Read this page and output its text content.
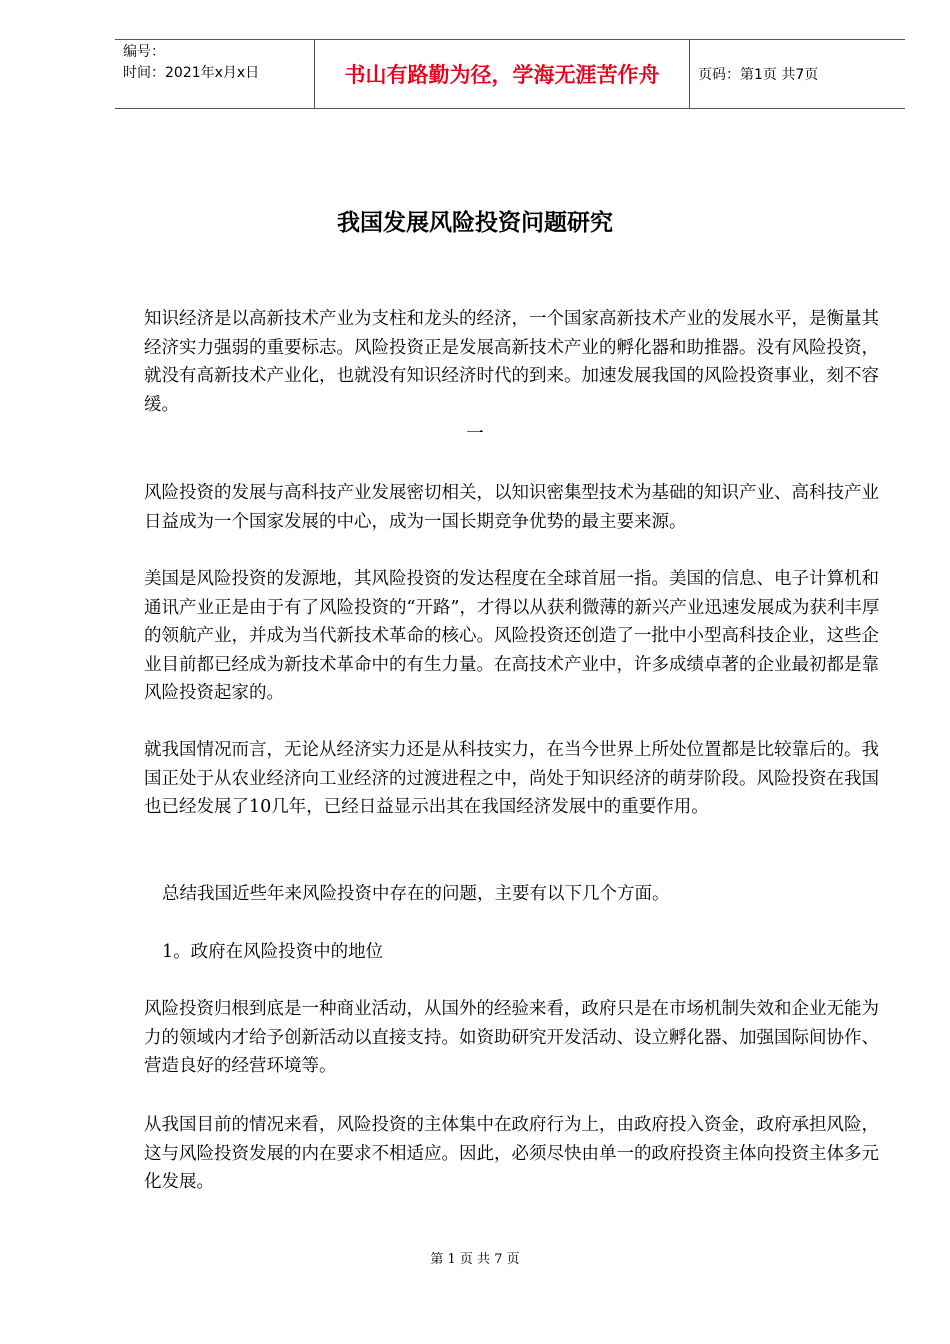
编号：
时间：2021年x月x日	书山有路勤为径，学海无涯苦作舟	页码：第1页 共7页
我国发展风险投资问题研究

知识经济是以高新技术产业为支柱和龙头的经济，一个国家高新技术产业的发展水平，是衡量其经济实力强弱的重要标志。风险投资正是发展高新技术产业的孵化器和助推器。没有风险投资，就没有高新技术产业化，也就没有知识经济时代的到来。加速发展我国的风险投资事业，刻不容缓。

一

风险投资的发展与高科技产业发展密切相关，以知识密集型技术为基础的知识产业、高科技产业日益成为一个国家发展的中心，成为一国长期竞争优势的最主要来源。

美国是风险投资的发源地，其风险投资的发达程度在全球首屈一指。美国的信息、电子计算机和通讯产业正是由于有了风险投资的“开路”，才得以从获利微薄的新兴产业迅速发展成为获利丰厚的领航产业，并成为当代新技术革命的核心。风险投资还创造了一批中小型高科技企业，这些企业目前都已经成为新技术革命中的有生力量。在高技术产业中，许多成绩卓著的企业最初都是靠风险投资起家的。

就我国情况而言，无论从经济实力还是从科技实力，在当今世界上所处位置都是比较靠后的。我国正处于从农业经济向工业经济的过渡进程之中，尚处于知识经济的萌芽阶段。风险投资在我国也已经发展了10几年，已经日益显示出其在我国经济发展中的重要作用。

总结我国近些年来风险投资中存在的问题，主要有以下几个方面。

1。政府在风险投资中的地位

风险投资归根到底是一种商业活动，从国外的经验来看，政府只是在市场机制失效和企业无能为力的领域内才给予创新活动以直接支持。如资助研究开发活动、设立孵化器、加强国际间协作、营造良好的经营环境等。

从我国目前的情况来看，风险投资的主体集中在政府行为上，由政府投入资金，政府承担风险，这与风险投资发展的内在要求不相适应。因此，必须尽快由单一的政府投资主体向投资主体多元化发展。

第 1 页 共 7 页
